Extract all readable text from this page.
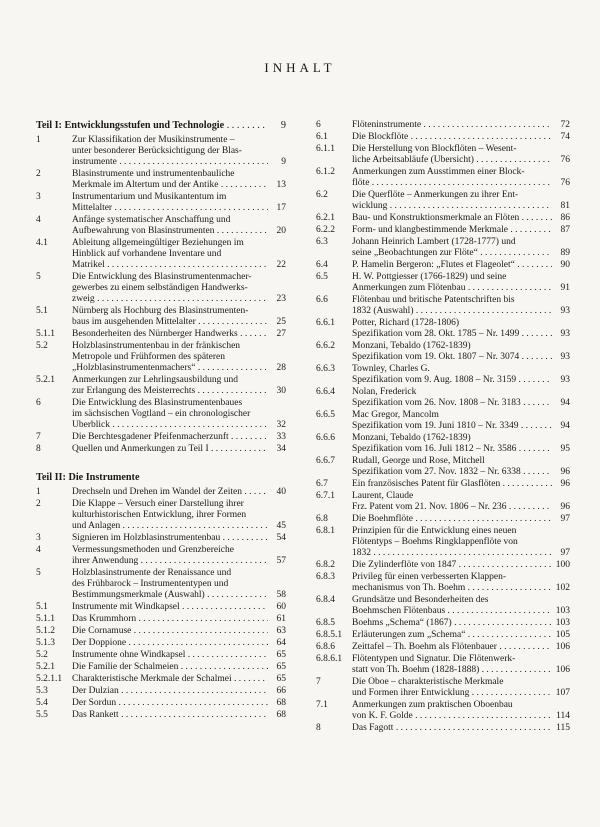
INHALT
Teil I: Entwicklungsstufen und Technologie . . .	9
1	Zur Klassifikation der Musikinstrumente –
unter besonderer Berücksichtigung der Blas-
instrumente . . .	9
2	Blasinstrumente und instrumentenbauliche
Merkmale im Altertum und der Antike . . .	13
3	Instrumentarium und Musikantentum im
Mittelalter . . .	17
4	Anfänge systematischer Anschaffung und
Aufbewahrung von Blasinstrumenten . . .	20
4.1	Ableitung allgemeingültiger Beziehungen im
Hinblick auf vorhandene Inventare und
Matrikel . . .	22
5	Die Entwicklung des Blasinstrumentenmacher-
gewerbes zu einem selbständigen Handwerks-
zweig . . .	23
5.1	Nürnberg als Hochburg des Blasinstrumenten-
baus im ausgehenden Mittelalter . . .	25
5.1.1	Besonderheiten des Nürnberger Handwerks . . .	27
5.2	Holzblasinstrumentenbau in der fränkischen
Metropole und Frühformen des späteren
„Holzblasinstrumentenmachers“ . . .	28
5.2.1	Anmerkungen zur Lehrlingsausbildung und
zur Erlangung des Meisterrechts . . .	30
6	Die Entwicklung des Blasinstrumentenbaues
im sächsischen Vogtland – ein chronologischer
Überblick . . .	32
7	Die Berchtesgadener Pfeifenmacherzunft . . .	33
8	Quellen und Anmerkungen zu Teil I . . .	34
Teil II: Die Instrumente
1	Drechseln und Drehen im Wandel der Zeiten . . .	40
2	Die Klappe – Versuch einer Darstellung ihrer
kulturhistorischen Entwicklung, ihrer Formen
und Anlagen . . .	45
3	Signieren im Holzblasinstrumentenbau . . .	54
4	Vermessungsmethoden und Grenzbereiche
ihrer Anwendung . . .	57
5	Holzblasinstrumente der Renaissance und
des Frühbarock – Instrumententypen und
Bestimmungsmerkmale (Auswahl) . . .	58
5.1	Instrumente mit Windkapsel . . .	60
5.1.1	Das Krummhorn . . .	61
5.1.2	Die Cornamuse . . .	63
5.1.3	Der Doppione . . .	64
5.2	Instrumente ohne Windkapsel . . .	65
5.2.1	Die Familie der Schalmeien . . .	65
5.2.1.1	Charakteristische Merkmale der Schalmei . . .	65
5.3	Der Dulzian . . .	66
5.4	Der Sordun . . .	68
5.5	Das Rankett . . .	68
6	Flöteninstrumente . . .	72
6.1	Die Blockflöte . . .	74
6.1.1	Die Herstellung von Blockflöten – Wesent-
liche Arbeitsabläufe (Übersicht) . . .	76
6.1.2	Anmerkungen zum Ausstimmen einer Block-
flöte . . .	76
6.2	Die Querflöte – Anmerkungen zu ihrer Ent-
wicklung . . .	81
6.2.1	Bau- und Konstruktionsmerkmale an Flöten . . .	86
6.2.2	Form- und klangbestimmende Merkmale . . .	87
6.3	Johann Heinrich Lambert (1728-1777) und
seine „Beobachtungen zur Flöte“ . . .	89
6.4	P. Hamelin Bergeron: „Flutes et Flageolet“ . . .	90
6.5	H. W. Pottgiesser (1766-1829) und seine
Anmerkungen zum Flötenbau . . .	91
6.6	Flötenbau und britische Patentschriften bis
1832 (Auswahl) . . .	93
6.6.1	Potter, Richard (1728-1806)
Spezifikation vom 28. Okt. 1785 – Nr. 1499 . . .	93
6.6.2	Monzani, Tebaldo (1762-1839)
Spezifikation vom 19. Okt. 1807 – Nr. 3074 . . .	93
6.6.3	Townley, Charles G.
Spezifikation vom 9. Aug. 1808 – Nr. 3159 . . .	93
6.6.4	Nolan, Frederick
Spezifikation vom 26. Nov. 1808 – Nr. 3183 . . .	94
6.6.5	Mac Gregor, Mancolm
Spezifikation vom 19. Juni 1810 – Nr. 3349 . . .	94
6.6.6	Monzani, Tebaldo (1762-1839)
Spezifikation vom 16. Juli 1812 – Nr. 3586 . . .	95
6.6.7	Rudall, George und Rose, Mitchell
Spezifikation vom 27. Nov. 1832 – Nr. 6338 . . .	96
6.7	Ein französisches Patent für Glasflöten . . .	96
6.7.1	Laurent, Claude
Frz. Patent vom 21. Nov. 1806 – Nr. 236 . . .	96
6.8	Die Boehmflöte . . .	97
6.8.1	Prinzipien für die Entwicklung eines neuen
Flötentyps – Boehms Ringklappenflöte von
1832 . . .	97
6.8.2	Die Zylinderflöte von 1847 . . .	100
6.8.3	Privileg für einen verbesserten Klappen-
mechanismus von Th. Boehm . . .	102
6.8.4	Grundsätze und Besonderheiten des
Boehmschen Flötenbaus . . .	103
6.8.5	Boehms „Schema“ (1867) . . .	103
6.8.5.1	Erläuterungen zum „Schema“ . . .	105
6.8.6	Zeittafel – Th. Boehm als Flötenbauer . . .	106
6.8.6.1	Flötentypen und Signatur. Die Flötenwerk-
statt von Th. Boehm (1828-1888) . . .	106
7	Die Oboe – charakteristische Merkmale
und Formen ihrer Entwicklung . . .	107
7.1	Anmerkungen zum praktischen Oboenbau
von K. F. Golde . . .	114
8	Das Fagott . . .	115
